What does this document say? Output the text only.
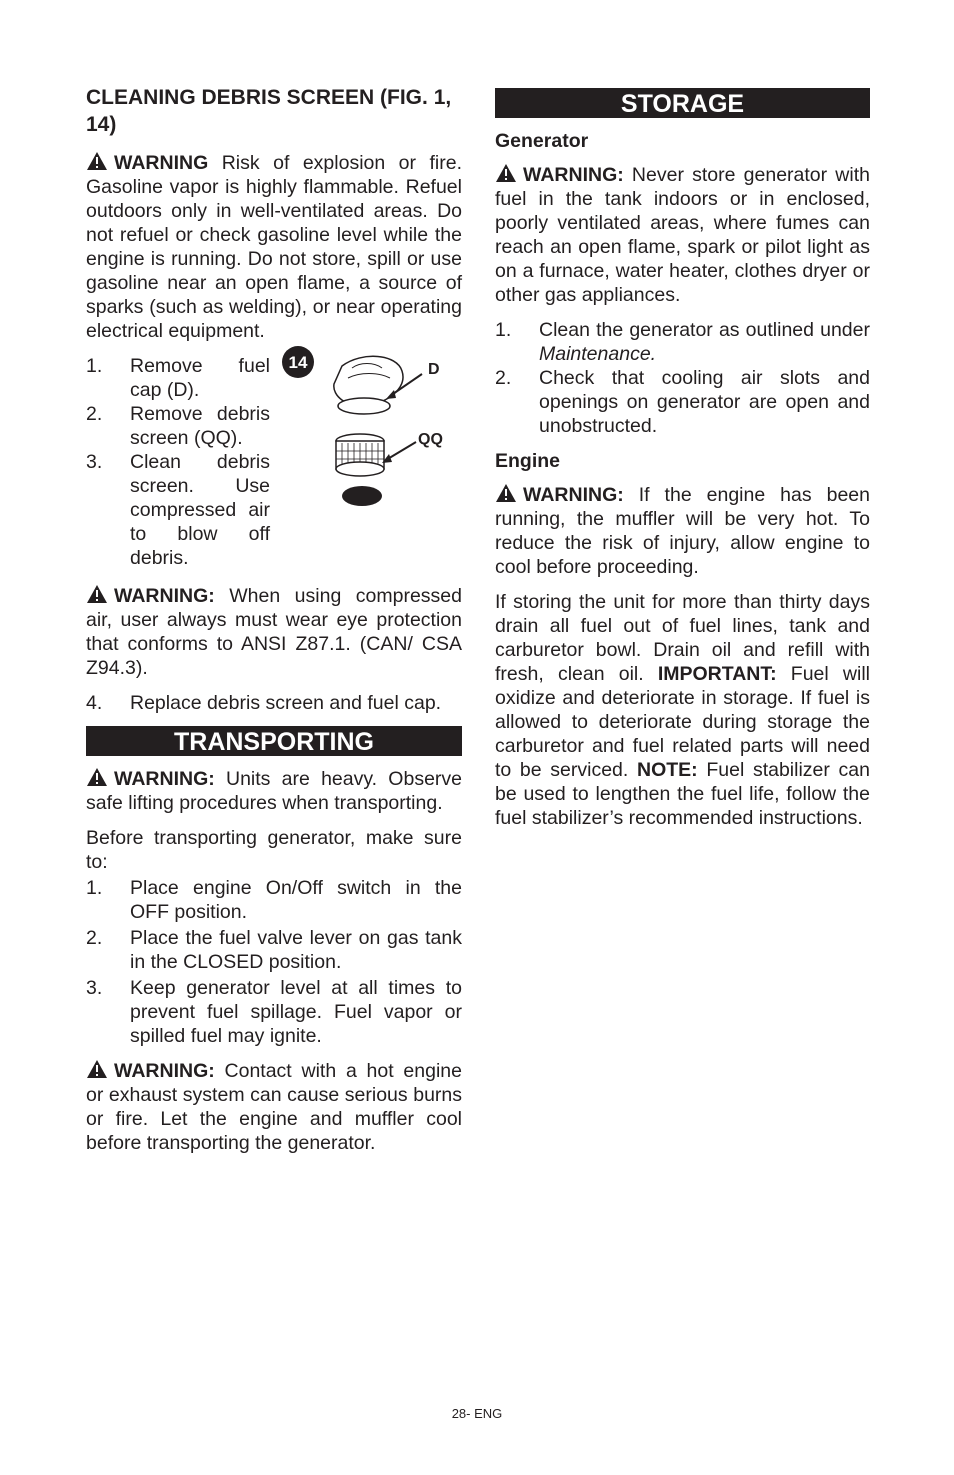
CLEANING DEBRIS SCREEN (FIG. 1, 14)

WARNING Risk of explosion or fire. Gasoline vapor is highly flammable. Refuel outdoors only in well-ventilated areas. Do not refuel or check gasoline level while the engine is running. Do not store, spill or use gasoline near an open flame, a source of sparks (such as welding), or near operating electrical equipment.

1.	Remove fuel cap (D).
2.	Remove debris screen (QQ).
3.	Clean debris screen. Use compressed air to blow off debris.
14	D
QQ

WARNING: When using compressed air, user always must wear eye protection that conforms to ANSI Z87.1. (CAN/ CSA Z94.3).

4.	Replace debris screen and fuel cap.
TRANSPORTING

WARNING: Units are heavy. Observe safe lifting procedures when transporting.

Before transporting generator, make sure to:

1.	Place engine On/Off switch in the OFF position.
2.	Place the fuel valve lever on gas tank in the CLOSED position.
3.	Keep generator level at all times to prevent fuel spillage. Fuel vapor or spilled fuel may ignite.

WARNING: Contact with a hot engine or exhaust system can cause serious burns or fire. Let the engine and muffler cool before transporting the generator.

STORAGE
Generator

WARNING: Never store generator with fuel in the tank indoors or in enclosed, poorly ventilated areas, where fumes can reach an open flame, spark or pilot light as on a furnace, water heater, clothes dryer or other gas appliances.

1.	Clean the generator as outlined under Maintenance.
2.	Check that cooling air slots and openings on generator are open and unobstructed.
Engine

WARNING: If the engine has been running, the muffler will be very hot. To reduce the risk of injury, allow engine to cool before proceeding.

If storing the unit for more than thirty days drain all fuel out of fuel lines, tank and carburetor bowl. Drain oil and refill with fresh, clean oil. IMPORTANT: Fuel will oxidize and deteriorate in storage. If fuel is allowed to deteriorate during storage the carburetor and fuel related parts will need to be serviced. NOTE: Fuel stabilizer can be used to lengthen the fuel life, follow the fuel stabilizer’s recommended instructions.

28- ENG
